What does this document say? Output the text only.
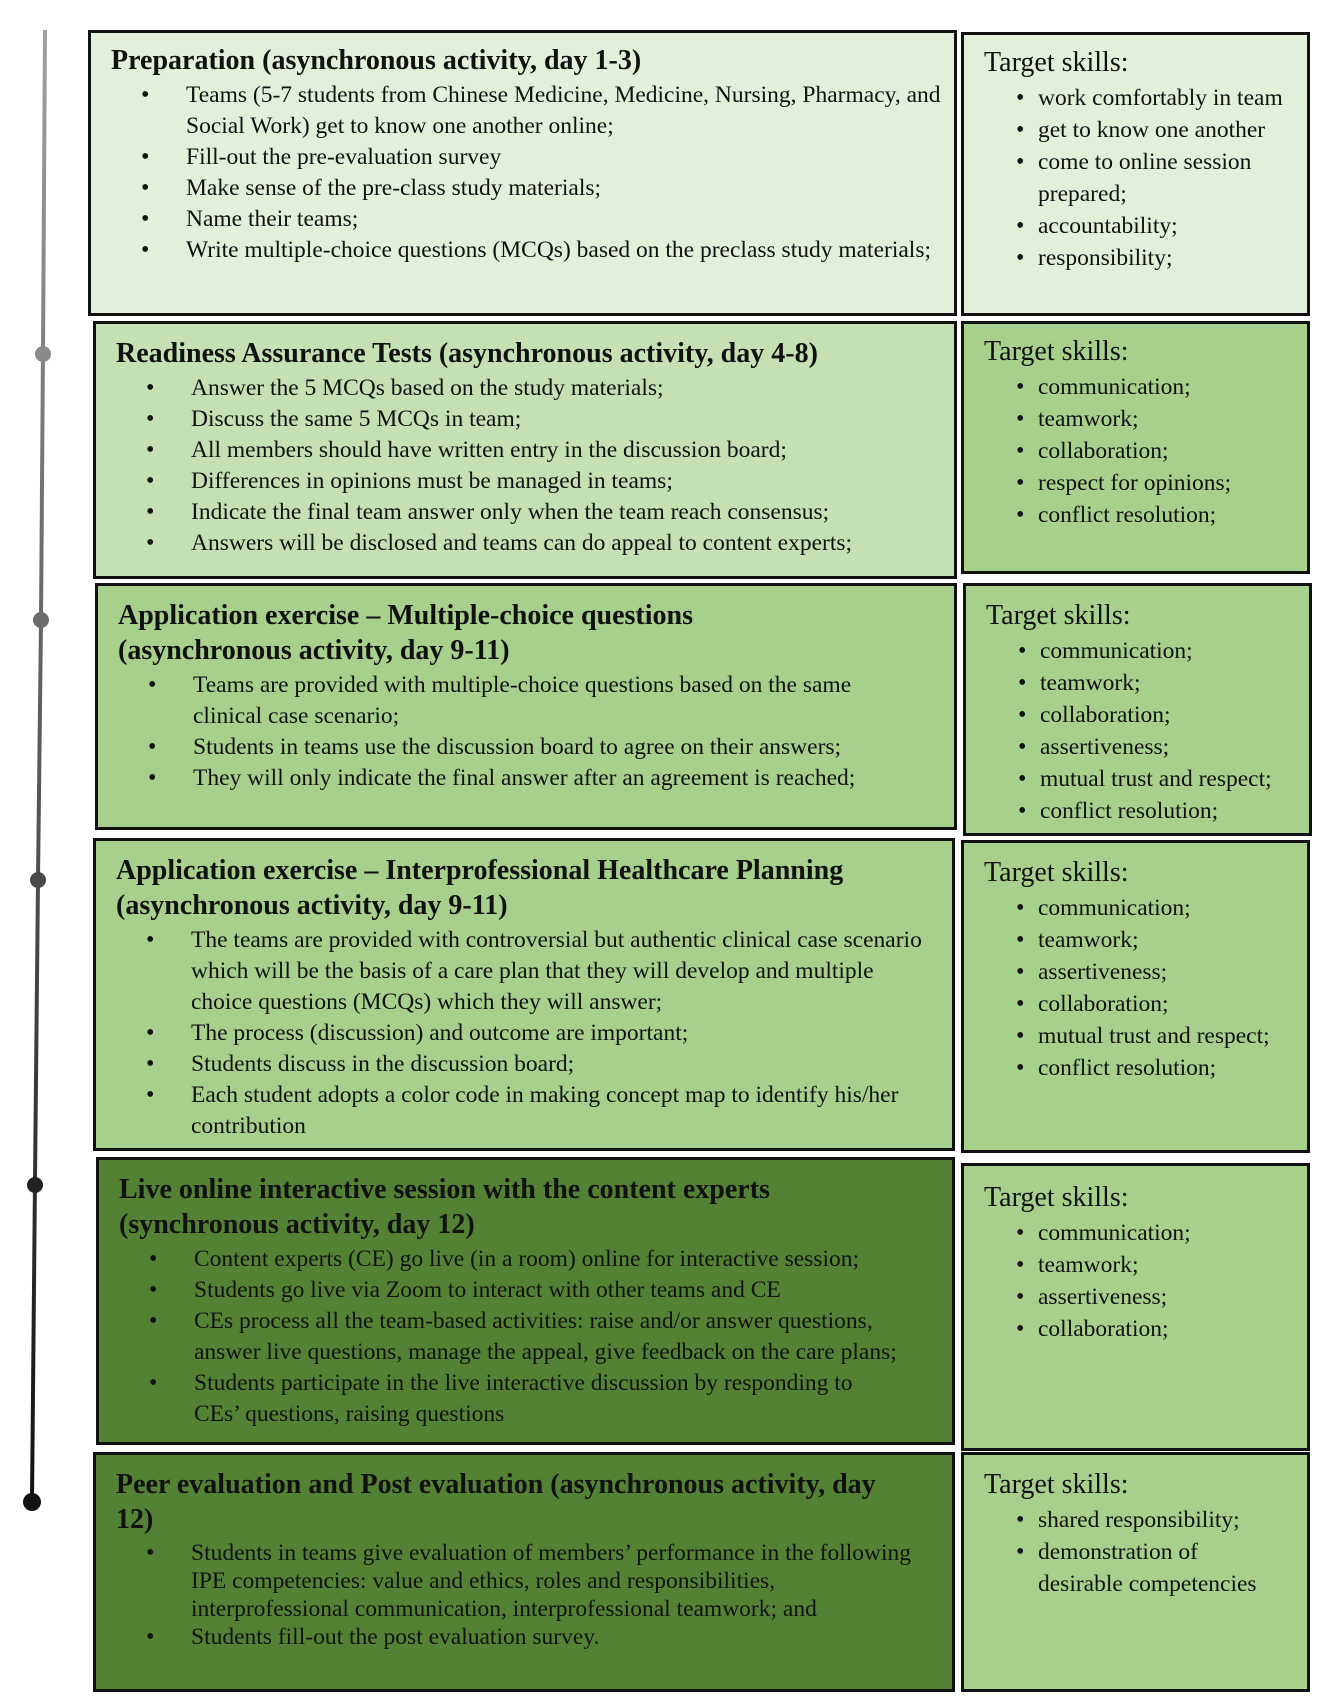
Preparation (asynchronous activity, day 1-3)
• Teams (5-7 students from Chinese Medicine, Medicine, Nursing, Pharmacy, and Social Work) get to know one another online;
• Fill-out the pre-evaluation survey
• Make sense of the pre-class study materials;
• Name their teams;
• Write multiple-choice questions (MCQs) based on the preclass study materials;
Target skills:
• work comfortably in team
• get to know one another
• come to online session prepared;
• accountability;
• responsibility;
Readiness Assurance Tests (asynchronous activity, day 4-8)
• Answer the 5 MCQs based on the study materials;
• Discuss the same 5 MCQs in team;
• All members should have written entry in the discussion board;
• Differences in opinions must be managed in teams;
• Indicate the final team answer only when the team reach consensus;
• Answers will be disclosed and teams can do appeal to content experts;
Target skills:
• communication;
• teamwork;
• collaboration;
• respect for opinions;
• conflict resolution;
Application exercise – Multiple-choice questions (asynchronous activity, day 9-11)
• Teams are provided with multiple-choice questions based on the same clinical case scenario;
• Students in teams use the discussion board to agree on their answers;
• They will only indicate the final answer after an agreement is reached;
Target skills:
• communication;
• teamwork;
• collaboration;
• assertiveness;
• mutual trust and respect;
• conflict resolution;
Application exercise – Interprofessional Healthcare Planning (asynchronous activity, day 9-11)
• The teams are provided with controversial but authentic clinical case scenario which will be the basis of a care plan that they will develop and multiple choice questions (MCQs) which they will answer;
• The process (discussion) and outcome are important;
• Students discuss in the discussion board;
• Each student adopts a color code in making concept map to identify his/her contribution
Target skills:
• communication;
• teamwork;
• assertiveness;
• collaboration;
• mutual trust and respect;
• conflict resolution;
Live online interactive session with the content experts (synchronous activity, day 12)
• Content experts (CE) go live (in a room) online for interactive session;
• Students go live via Zoom to interact with other teams and CE
• CEs process all the team-based activities: raise and/or answer questions, answer live questions, manage the appeal, give feedback on the care plans;
• Students participate in the live interactive discussion by responding to CEs’ questions, raising questions
Target skills:
• communication;
• teamwork;
• assertiveness;
• collaboration;
Peer evaluation and Post evaluation (asynchronous activity, day 12)
• Students in teams give evaluation of members’ performance in the following IPE competencies: value and ethics, roles and responsibilities, interprofessional communication, interprofessional teamwork; and
• Students fill-out the post evaluation survey.
Target skills:
• shared responsibility;
• demonstration of desirable competencies
